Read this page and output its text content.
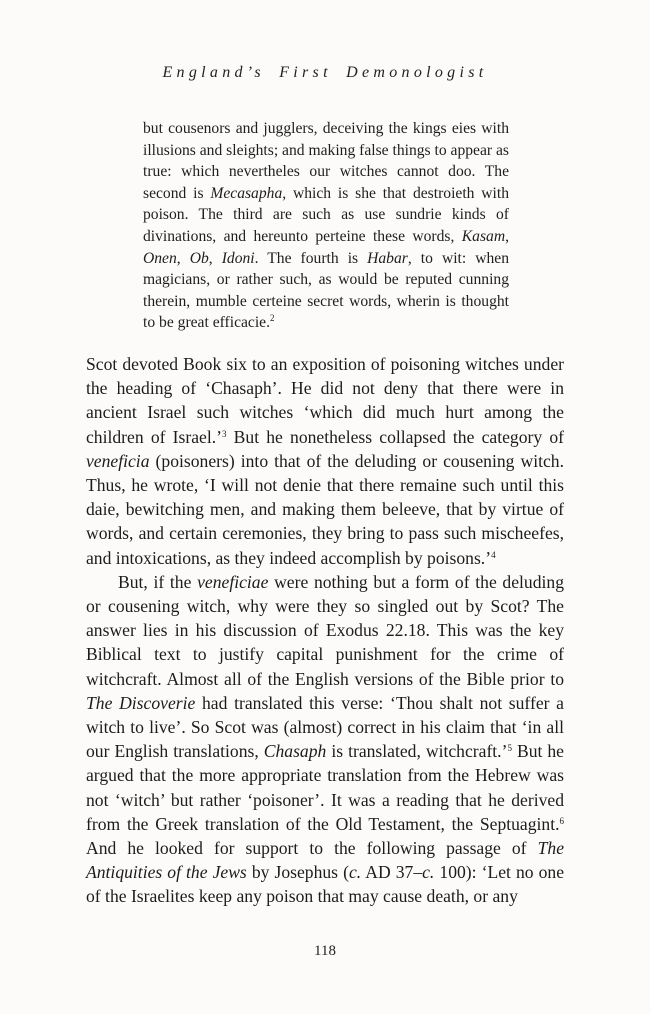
England’s First Demonologist

but cousenors and jugglers, deceiving the kings eies with illusions and sleights; and making false things to appear as true: which nevertheles our witches cannot doo. The second is Mecasapha, which is she that destroieth with poison. The third are such as use sundrie kinds of divinations, and hereunto perteine these words, Kasam, Onen, Ob, Idoni. The fourth is Habar, to wit: when magicians, or rather such, as would be reputed cunning therein, mumble certeine secret words, wherin is thought to be great efficacie.$^2$

Scot devoted Book six to an exposition of poisoning witches under the heading of ‘Chasaph’. He did not deny that there were in ancient Israel such witches ‘which did much hurt among the children of Israel.’$^3$ But he nonetheless collapsed the category of veneficia (poisoners) into that of the deluding or cousening witch. Thus, he wrote, ‘I will not denie that there remaine such until this daie, bewitching men, and making them beleeve, that by virtue of words, and certain ceremonies, they bring to pass such mischeefes, and intoxications, as they indeed accomplish by poisons.’$^4$

But, if the veneficiae were nothing but a form of the deluding or cousening witch, why were they so singled out by Scot? The answer lies in his discussion of Exodus 22.18. This was the key Biblical text to justify capital punishment for the crime of witchcraft. Almost all of the English versions of the Bible prior to The Discoverie had translated this verse: ‘Thou shalt not suffer a witch to live’. So Scot was (almost) correct in his claim that ‘in all our English translations, Chasaph is translated, witchcraft.’$^5$ But he argued that the more appropriate translation from the Hebrew was not ‘witch’ but rather ‘poisoner’. It was a reading that he derived from the Greek translation of the Old Testament, the Septuagint.$^6$ And he looked for support to the following passage of The Antiquities of the Jews by Josephus (c. AD 37–c. 100): ‘Let no one of the Israelites keep any poison that may cause death, or any

118
